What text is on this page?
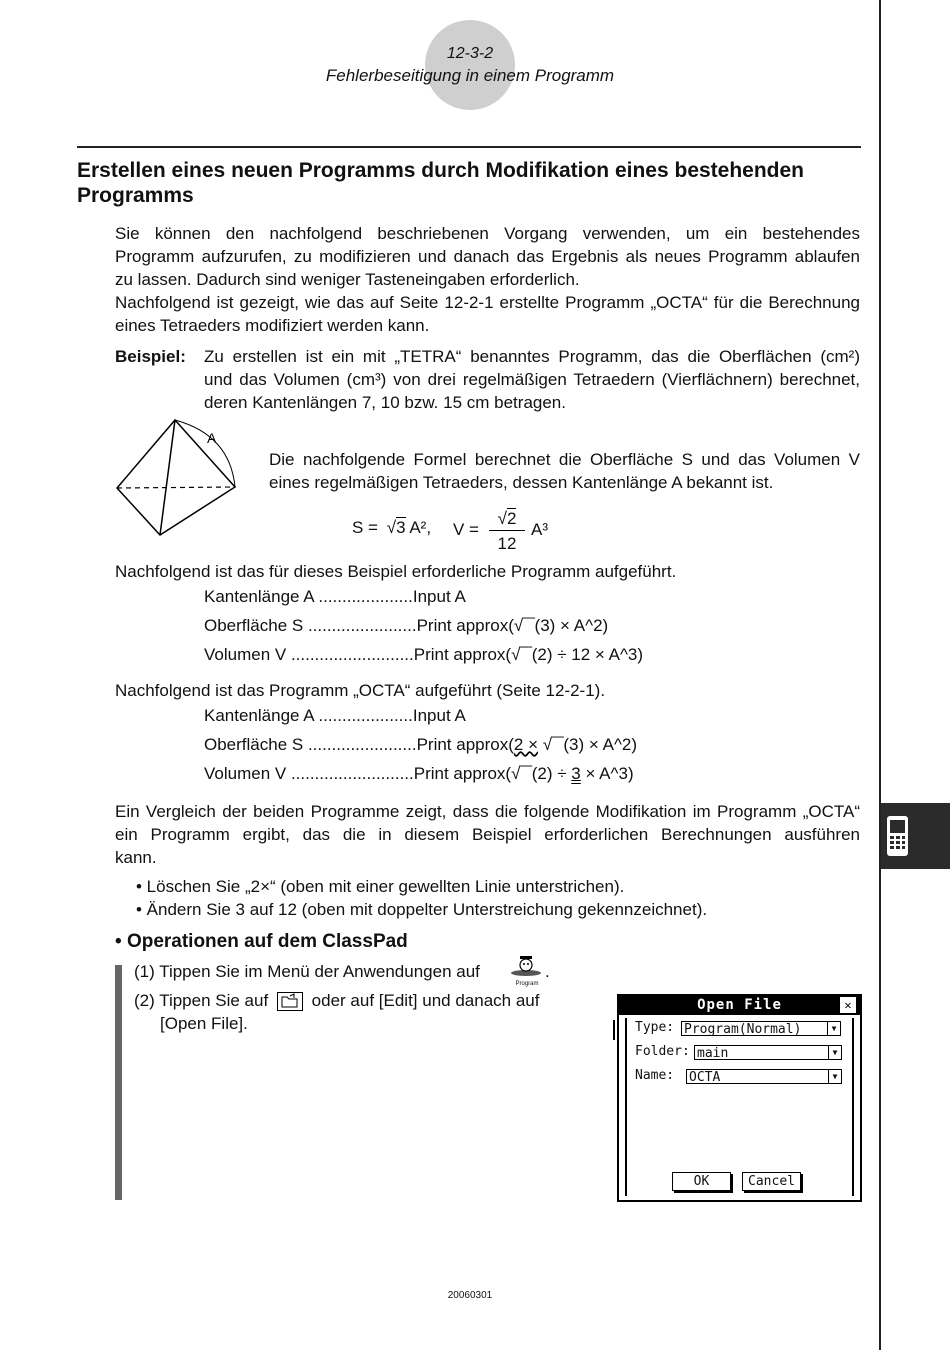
12-3-2
Fehlerbeseitigung in einem Programm
Erstellen eines neuen Programms durch Modifikation eines bestehenden Programms
Sie können den nachfolgend beschriebenen Vorgang verwenden, um ein bestehendes
Programm aufzurufen, zu modifizieren und danach das Ergebnis als neues Programm ablaufen
zu lassen. Dadurch sind weniger Tasteneingaben erforderlich.
Nachfolgend ist gezeigt, wie das auf Seite 12-2-1 erstellte Programm „OCTA“ für die Berechnung
eines Tetraeders modifiziert werden kann.
Beispiel: Zu erstellen ist ein mit „TETRA“ benanntes Programm, das die Oberflächen (cm²)
und das Volumen (cm³) von drei regelmäßigen Tetraedern (Vierflächnern) berechnet,
deren Kantenlängen 7, 10 bzw. 15 cm betragen.
A
Die nachfolgende Formel berechnet die Oberfläche S und das Volumen V
eines regelmäßigen Tetraeders, dessen Kantenlänge A bekannt ist.
S = √3 A², V =
√2
12
A³
Nachfolgend ist das für dieses Beispiel erforderliche Programm aufgeführt.
Kantenlänge A ....................Input A
Oberfläche S .......................Print approx(√‾‾(3) × A^2)
Volumen V ..........................Print approx(√‾‾(2) ÷ 12 × A^3)
Nachfolgend ist das Programm „OCTA“ aufgeführt (Seite 12-2-1).
Kantenlänge A ....................Input A
Oberfläche S .......................Print approx(2 × √‾‾(3) × A^2)
Volumen V ..........................Print approx(√‾‾(2) ÷ 3 × A^3)
Ein Vergleich der beiden Programme zeigt, dass die folgende Modifikation im Programm „OCTA“
ein Programm ergibt, das die in diesem Beispiel erforderlichen Berechnungen ausführen
kann.
• Löschen Sie „2×“ (oben mit einer gewellten Linie unterstrichen).
• Ändern Sie 3 auf 12 (oben mit doppelter Unterstreichung gekennzeichnet).
• Operationen auf dem ClassPad
(1) Tippen Sie im Menü der Anwendungen auf
Program
.
(2) Tippen Sie auf	oder auf [Edit] und danach auf
[Open File].
Open File	✕
Type: Program(Normal)	▼
Folder: main	▼
Name: OCTA	▼
OK	Cancel
20060301
